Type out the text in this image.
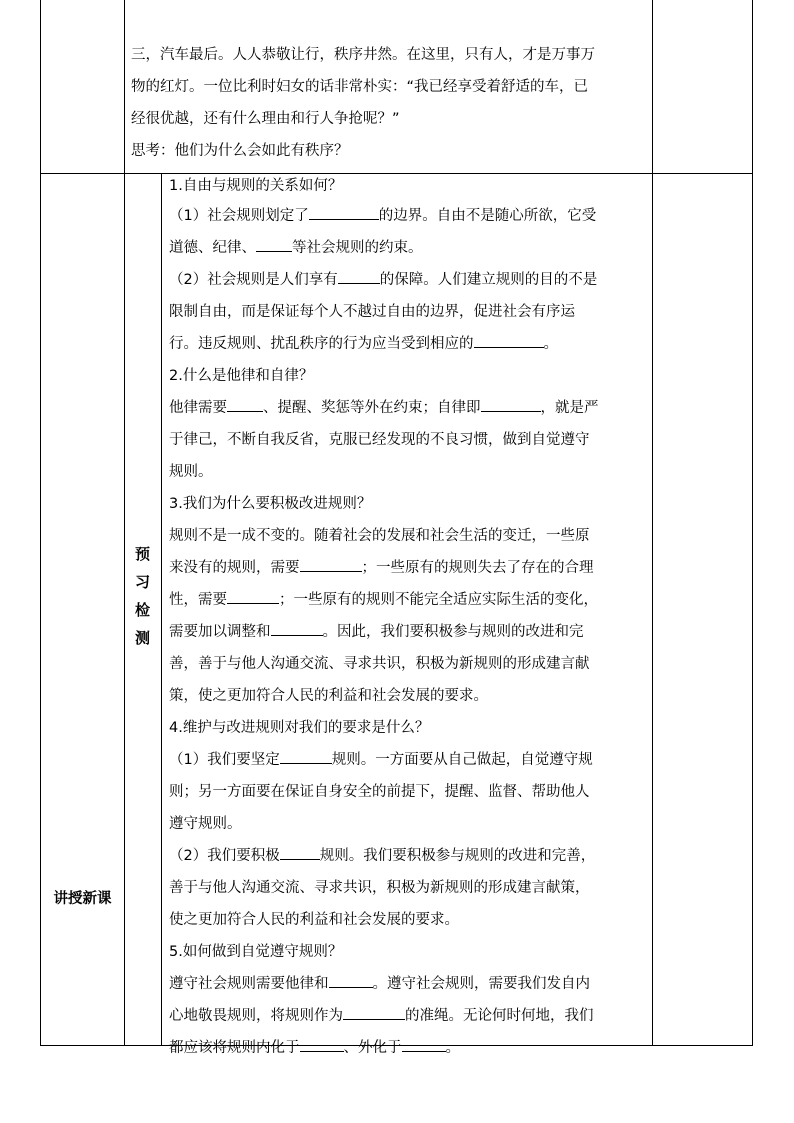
三，汽车最后。人人恭敬让行，秩序井然。在这里，只有人，才是万事万

物的红灯。一位比利时妇女的话非常朴实：“我已经享受着舒适的车，已

经很优越，还有什么理由和行人争抢呢？”

思考：他们为什么会如此有秩序？

讲授新课
预
习
检
测

1.自由与规则的关系如何？

（1）社会规则划定了	的边界。自由不是随心所欲，它受
道德、纪律、 等社会规则的约束。

（2）社会规则是人们享有	的保障。人们建立规则的目的不是
限制自由，而是保证每个人不越过自由的边界，促进社会有序运
行。违反规则、扰乱秩序的行为应当受到相应的	。

2.什么是他律和自律？

他律需要 、提醒、奖惩等外在约束；自律即	，就是严
于律己，不断自我反省，克服已经发现的不良习惯，做到自觉遵守
规则。

3.我们为什么要积极改进规则？

规则不是一成不变的。随着社会的发展和社会生活的变迁，一些原
来没有的规则，需要	；一些原有的规则失去了存在的合理
性，需要	；一些原有的规则不能完全适应实际生活的变化，
需要加以调整和	。因此，我们要积极参与规则的改进和完
善，善于与他人沟通交流、寻求共识，积极为新规则的形成建言献
策，使之更加符合人民的利益和社会发展的要求。

4.维护与改进规则对我们的要求是什么？

（1）我们要坚定	规则。一方面要从自己做起，自觉遵守规
则；另一方面要在保证自身安全的前提下，提醒、监督、帮助他人
遵守规则。

（2）我们要积极	规则。我们要积极参与规则的改进和完善，
善于与他人沟通交流、寻求共识，积极为新规则的形成建言献策，
使之更加符合人民的利益和社会发展的要求。

5.如何做到自觉遵守规则？

遵守社会规则需要他律和	。遵守社会规则，需要我们发自内
心地敬畏规则，将规则作为	的准绳。无论何时何地，我们
都应该将规则内化于	、外化于	。
